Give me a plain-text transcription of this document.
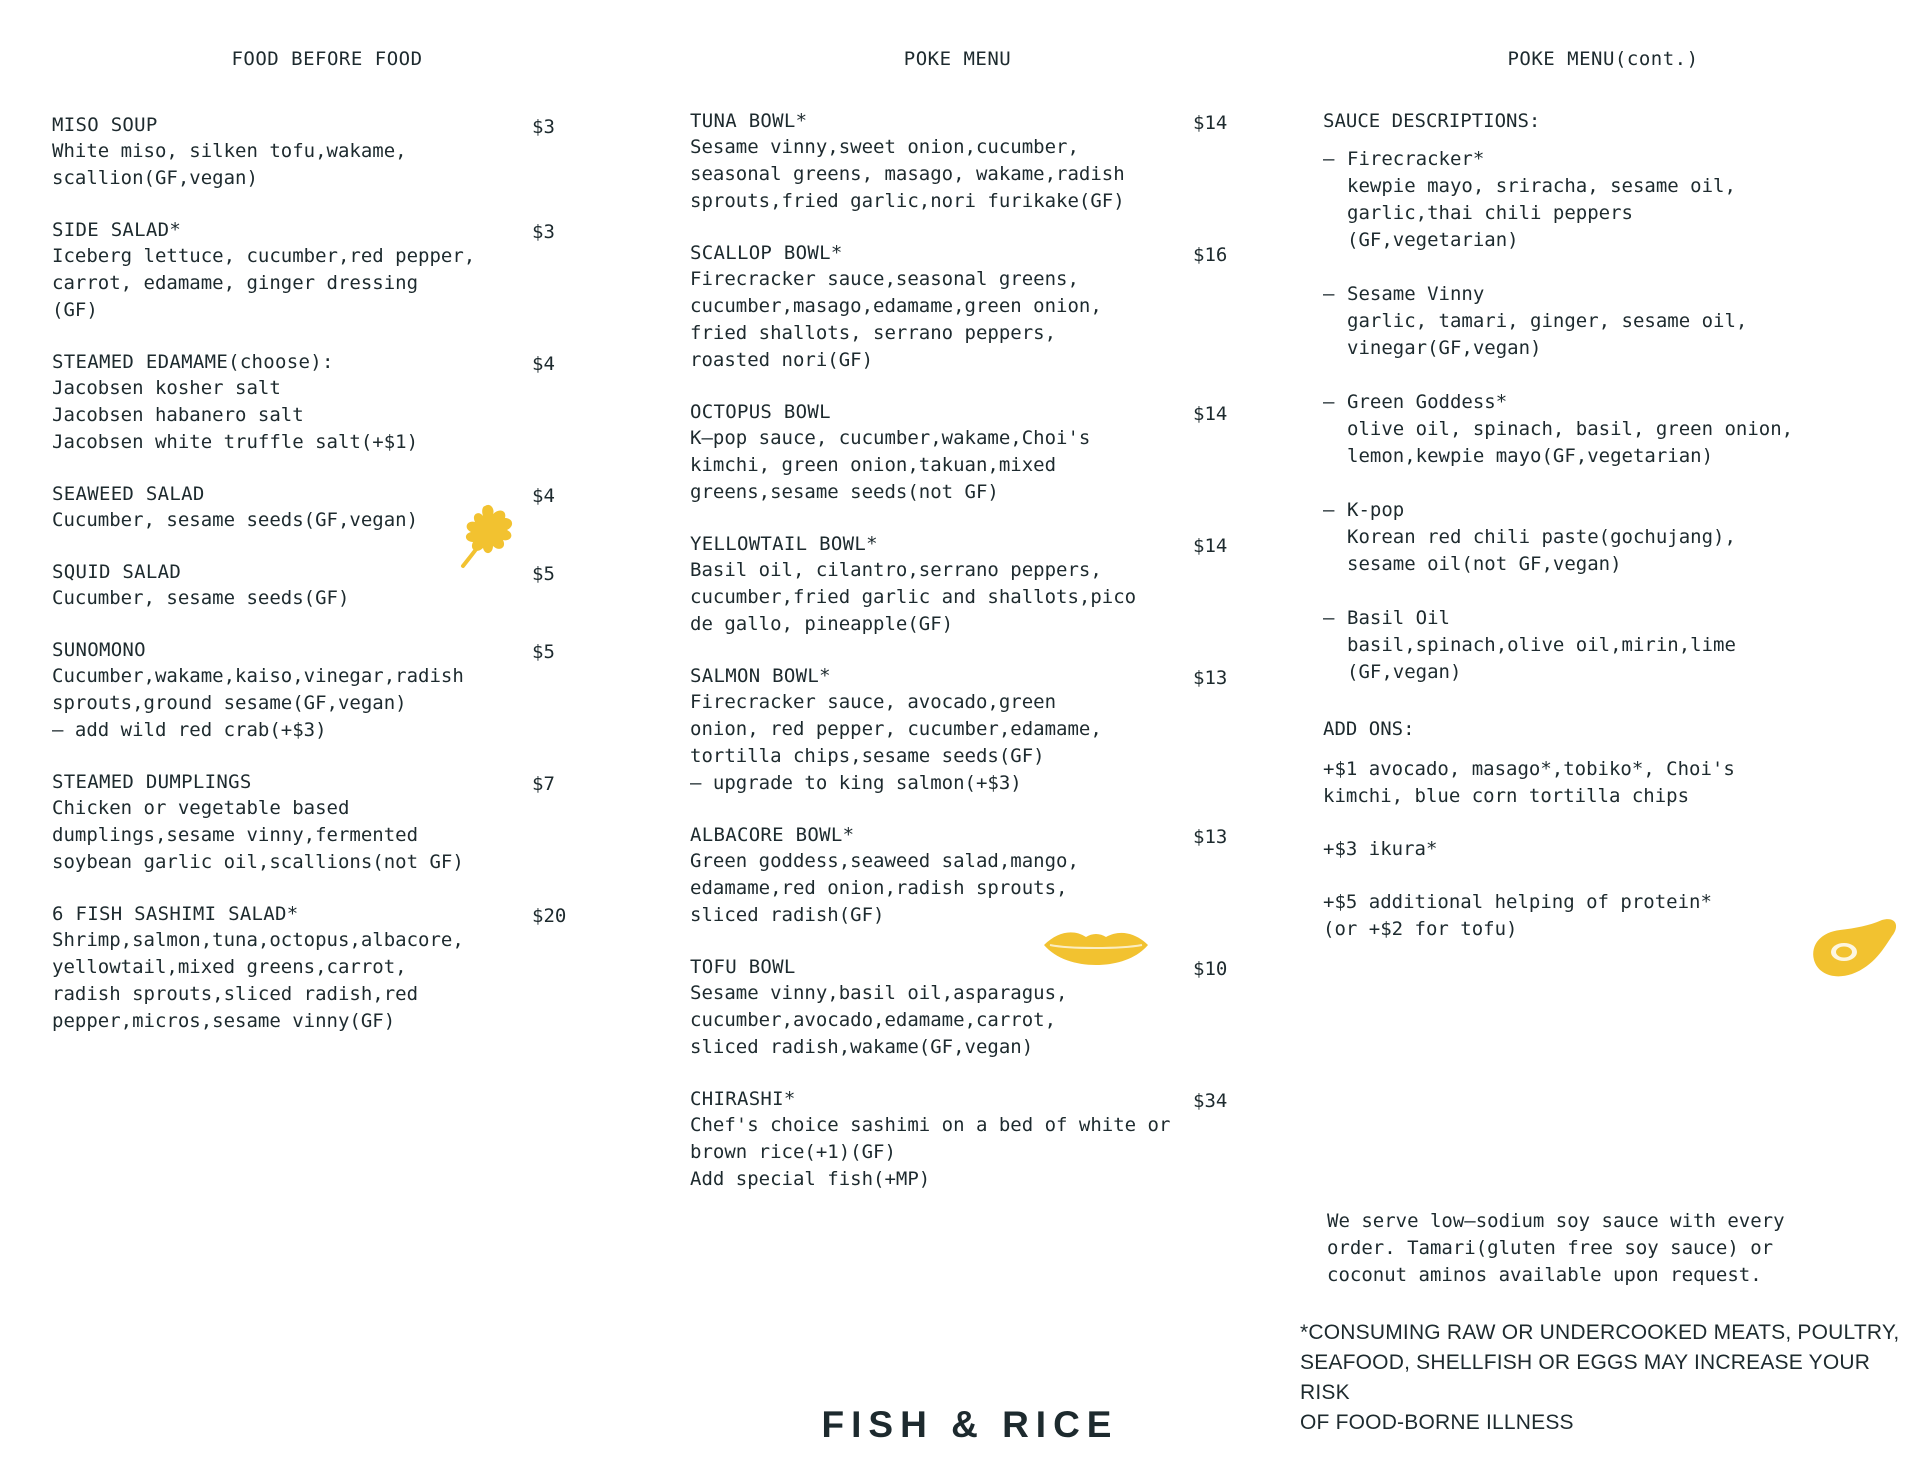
FOOD BEFORE FOOD
MISO SOUP	$3
White miso, silken tofu,wakame,
scallion(GF,vegan)
SIDE SALAD*	$3
Iceberg lettuce, cucumber,red pepper,
carrot, edamame, ginger dressing
(GF)
STEAMED EDAMAME(choose):	$4
Jacobsen kosher salt
Jacobsen habanero salt
Jacobsen white truffle salt(+$1)
SEAWEED SALAD	$4
Cucumber, sesame seeds(GF,vegan)
SQUID SALAD	$5
Cucumber, sesame seeds(GF)
SUNOMONO	$5
Cucumber,wakame,kaiso,vinegar,radish
sprouts,ground sesame(GF,vegan)
— add wild red crab(+$3)
STEAMED DUMPLINGS	$7
Chicken or vegetable based
dumplings,sesame vinny,fermented
soybean garlic oil,scallions(not GF)
6 FISH SASHIMI SALAD*	$20
Shrimp,salmon,tuna,octopus,albacore,
yellowtail,mixed greens,carrot,
radish sprouts,sliced radish,red
pepper,micros,sesame vinny(GF)
POKE MENU
TUNA BOWL*	$14
Sesame vinny,sweet onion,cucumber,
seasonal greens, masago, wakame,radish
sprouts,fried garlic,nori furikake(GF)
SCALLOP BOWL*	$16
Firecracker sauce,seasonal greens,
cucumber,masago,edamame,green onion,
fried shallots, serrano peppers,
roasted nori(GF)
OCTOPUS BOWL	$14
K—pop sauce, cucumber,wakame,Choi's
kimchi, green onion,takuan,mixed
greens,sesame seeds(not GF)
YELLOWTAIL BOWL*	$14
Basil oil, cilantro,serrano peppers,
cucumber,fried garlic and shallots,pico
de gallo, pineapple(GF)
SALMON BOWL*	$13
Firecracker sauce, avocado,green
onion, red pepper, cucumber,edamame,
tortilla chips,sesame seeds(GF)
— upgrade to king salmon(+$3)
ALBACORE BOWL*	$13
Green goddess,seaweed salad,mango,
edamame,red onion,radish sprouts,
sliced radish(GF)
TOFU BOWL	$10
Sesame vinny,basil oil,asparagus,
cucumber,avocado,edamame,carrot,
sliced radish,wakame(GF,vegan)
CHIRASHI*	$34
Chef's choice sashimi on a bed of white or
brown rice(+1)(GF)
Add special fish(+MP)
POKE MENU(cont.)
SAUCE DESCRIPTIONS:
– Firecracker*
kewpie mayo, sriracha, sesame oil,
garlic,thai chili peppers
(GF,vegetarian)
– Sesame Vinny
garlic, tamari, ginger, sesame oil,
vinegar(GF,vegan)
– Green Goddess*
olive oil, spinach, basil, green onion,
lemon,kewpie mayo(GF,vegetarian)
– K-pop
Korean red chili paste(gochujang),
sesame oil(not GF,vegan)
– Basil Oil
basil,spinach,olive oil,mirin,lime
(GF,vegan)
ADD ONS:
+$1 avocado, masago*,tobiko*, Choi's
kimchi, blue corn tortilla chips
+$3 ikura*
+$5 additional helping of protein*
(or +$2 for tofu)
We serve low—sodium soy sauce with every
order. Tamari(gluten free soy sauce) or
coconut aminos available upon request.
*CONSUMING RAW OR UNDERCOOKED MEATS, POULTRY,
SEAFOOD, SHELLFISH OR EGGS MAY INCREASE YOUR RISK
OF FOOD-BORNE ILLNESS
FISH & RICE
